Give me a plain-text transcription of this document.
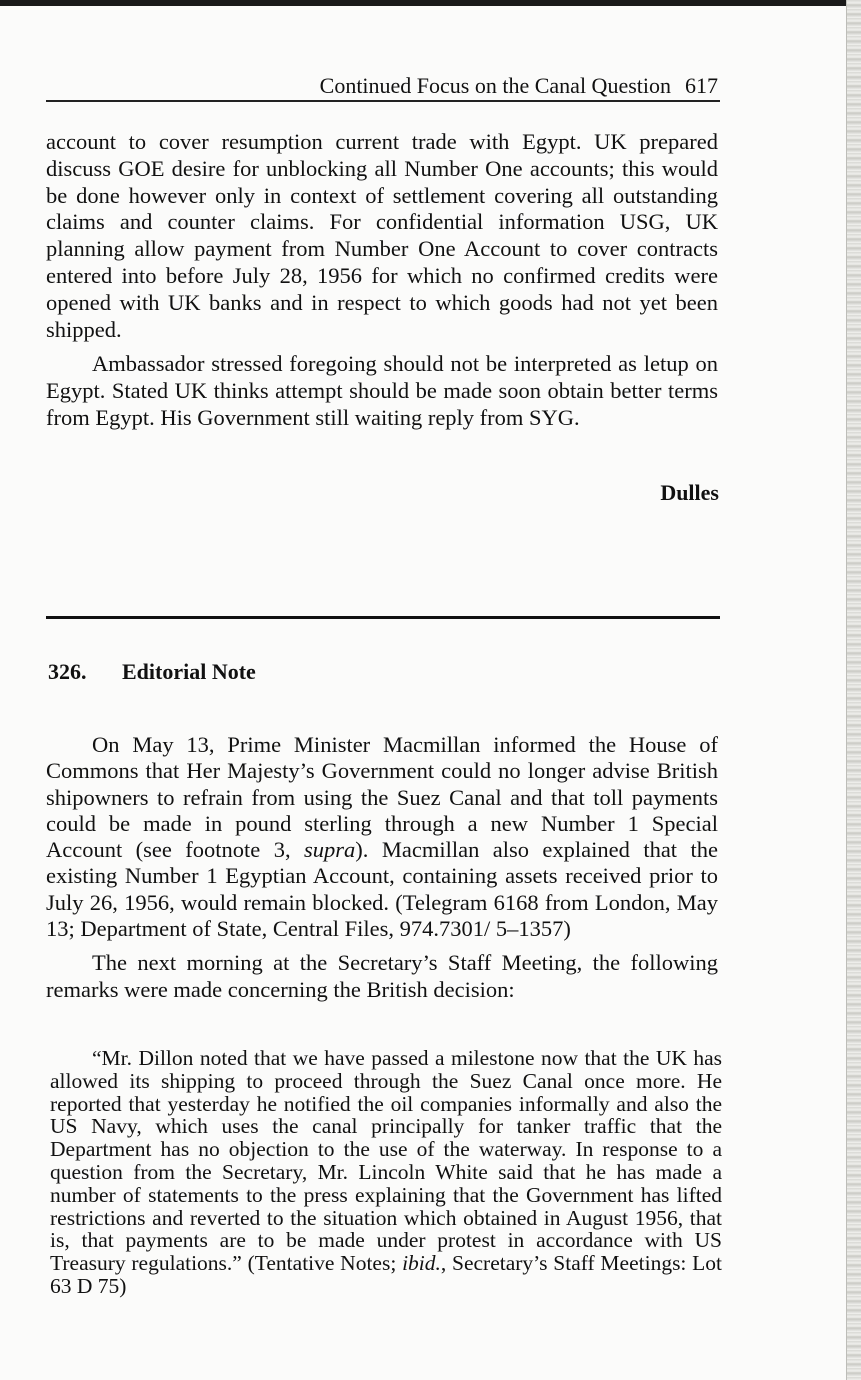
Continued Focus on the Canal Question 617

account to cover resumption current trade with Egypt. UK prepared discuss GOE desire for unblocking all Number One accounts; this would be done however only in context of settlement covering all outstanding claims and counter claims. For confidential information USG, UK planning allow payment from Number One Account to cover contracts entered into before July 28, 1956 for which no confirmed credits were opened with UK banks and in respect to which goods had not yet been shipped.

Ambassador stressed foregoing should not be interpreted as letup on Egypt. Stated UK thinks attempt should be made soon obtain better terms from Egypt. His Government still waiting reply from SYG.

Dulles
326. Editorial Note

On May 13, Prime Minister Macmillan informed the House of Commons that Her Majesty’s Government could no longer advise British shipowners to refrain from using the Suez Canal and that toll payments could be made in pound sterling through a new Number 1 Special Account (see footnote 3, supra). Macmillan also explained that the existing Number 1 Egyptian Account, containing assets received prior to July 26, 1956, would remain blocked. (Telegram 6168 from London, May 13; Department of State, Central Files, 974.7301/ 5–1357)

The next morning at the Secretary’s Staff Meeting, the following remarks were made concerning the British decision:

“Mr. Dillon noted that we have passed a milestone now that the UK has allowed its shipping to proceed through the Suez Canal once more. He reported that yesterday he notified the oil companies informally and also the US Navy, which uses the canal principally for tanker traffic that the Department has no objection to the use of the waterway. In response to a question from the Secretary, Mr. Lincoln White said that he has made a number of statements to the press explaining that the Government has lifted restrictions and reverted to the situation which obtained in August 1956, that is, that payments are to be made under protest in accordance with US Treasury regulations.” (Tentative Notes; ibid., Secretary’s Staff Meetings: Lot 63 D 75)
